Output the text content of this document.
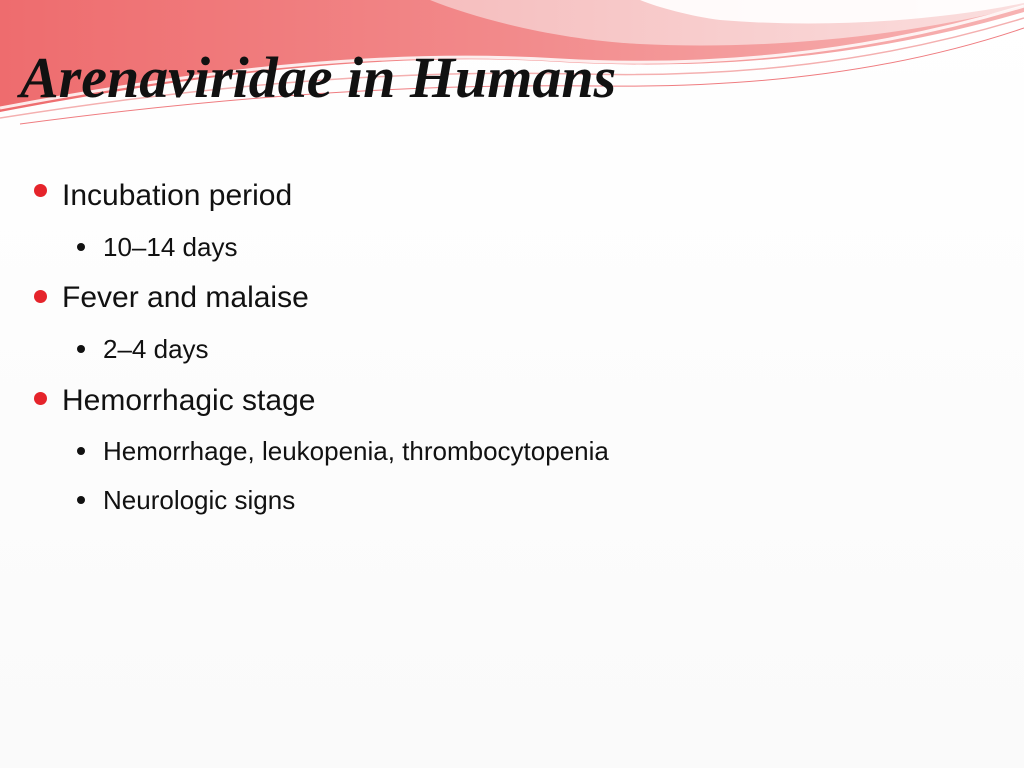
Arenaviridae in Humans
Incubation period
10–14 days
Fever and malaise
2–4 days
Hemorrhagic stage
Hemorrhage, leukopenia, thrombocytopenia
Neurologic signs
